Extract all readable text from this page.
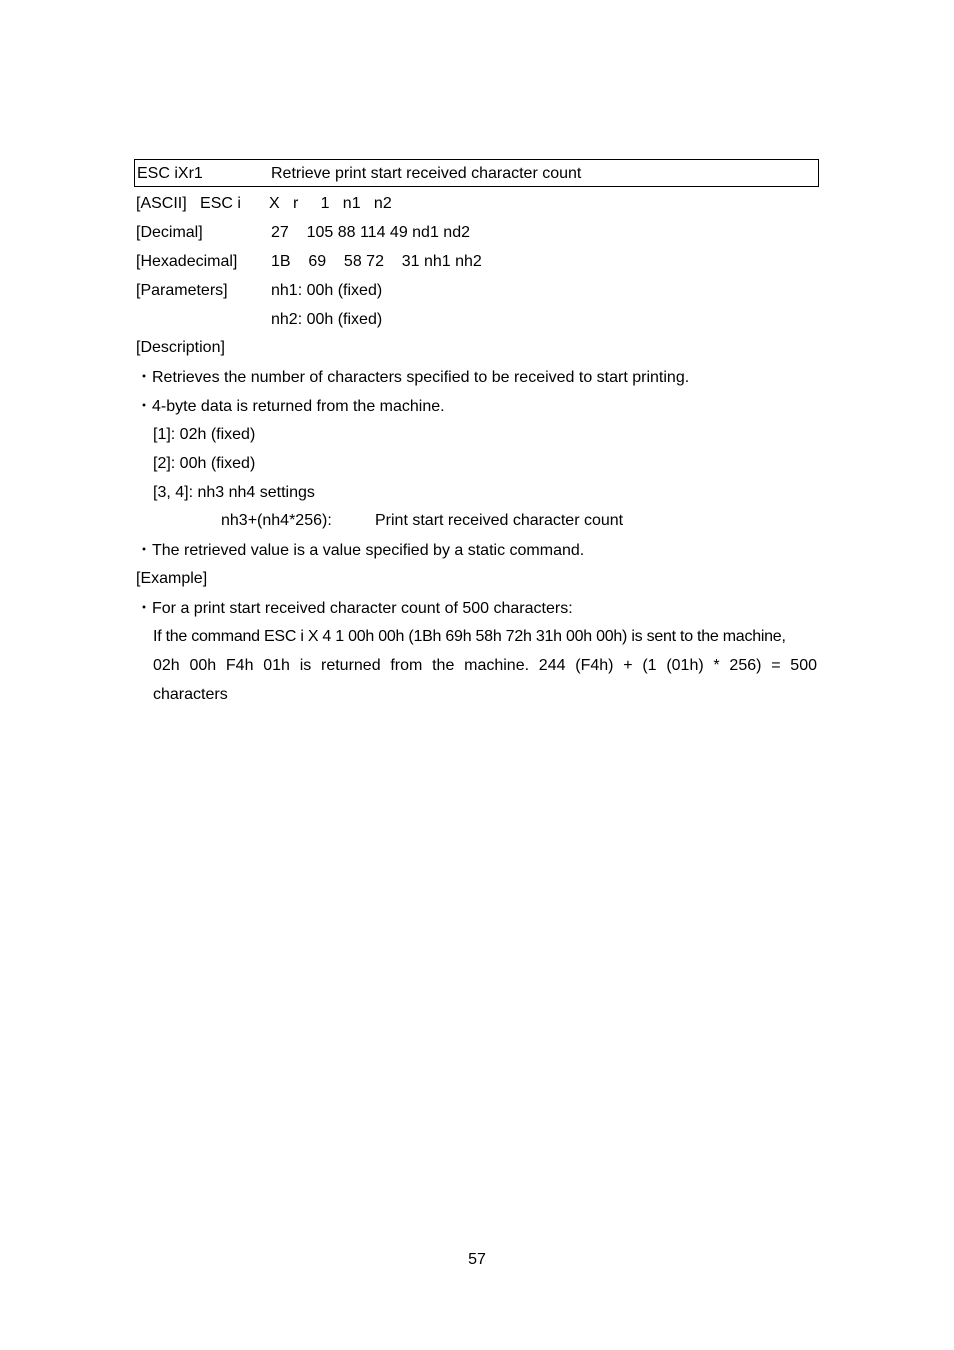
ESC iXr1	Retrieve print start received character count
[ASCII]   ESC i X   r     1   n1   n2
[Decimal]	27    105 88 114 49 nd1 nd2
[Hexadecimal] 1B    69    58 72    31 nh1 nh2
[Parameters]	nh1: 00h (fixed)
nh2: 00h (fixed)
[Description]
・Retrieves the number of characters specified to be received to start printing.
・4-byte data is returned from the machine.
[1]: 02h (fixed)
[2]: 00h (fixed)
[3, 4]: nh3 nh4 settings
nh3+(nh4*256):	Print start received character count
・The retrieved value is a value specified by a static command.
[Example]
・For a print start received character count of 500 characters:
If the command ESC i X 4 1 00h 00h (1Bh 69h 58h 72h 31h 00h 00h) is sent to the machine,
02h 00h F4h 01h is returned from the machine. 244 (F4h) + (1 (01h) * 256) = 500
characters
57
